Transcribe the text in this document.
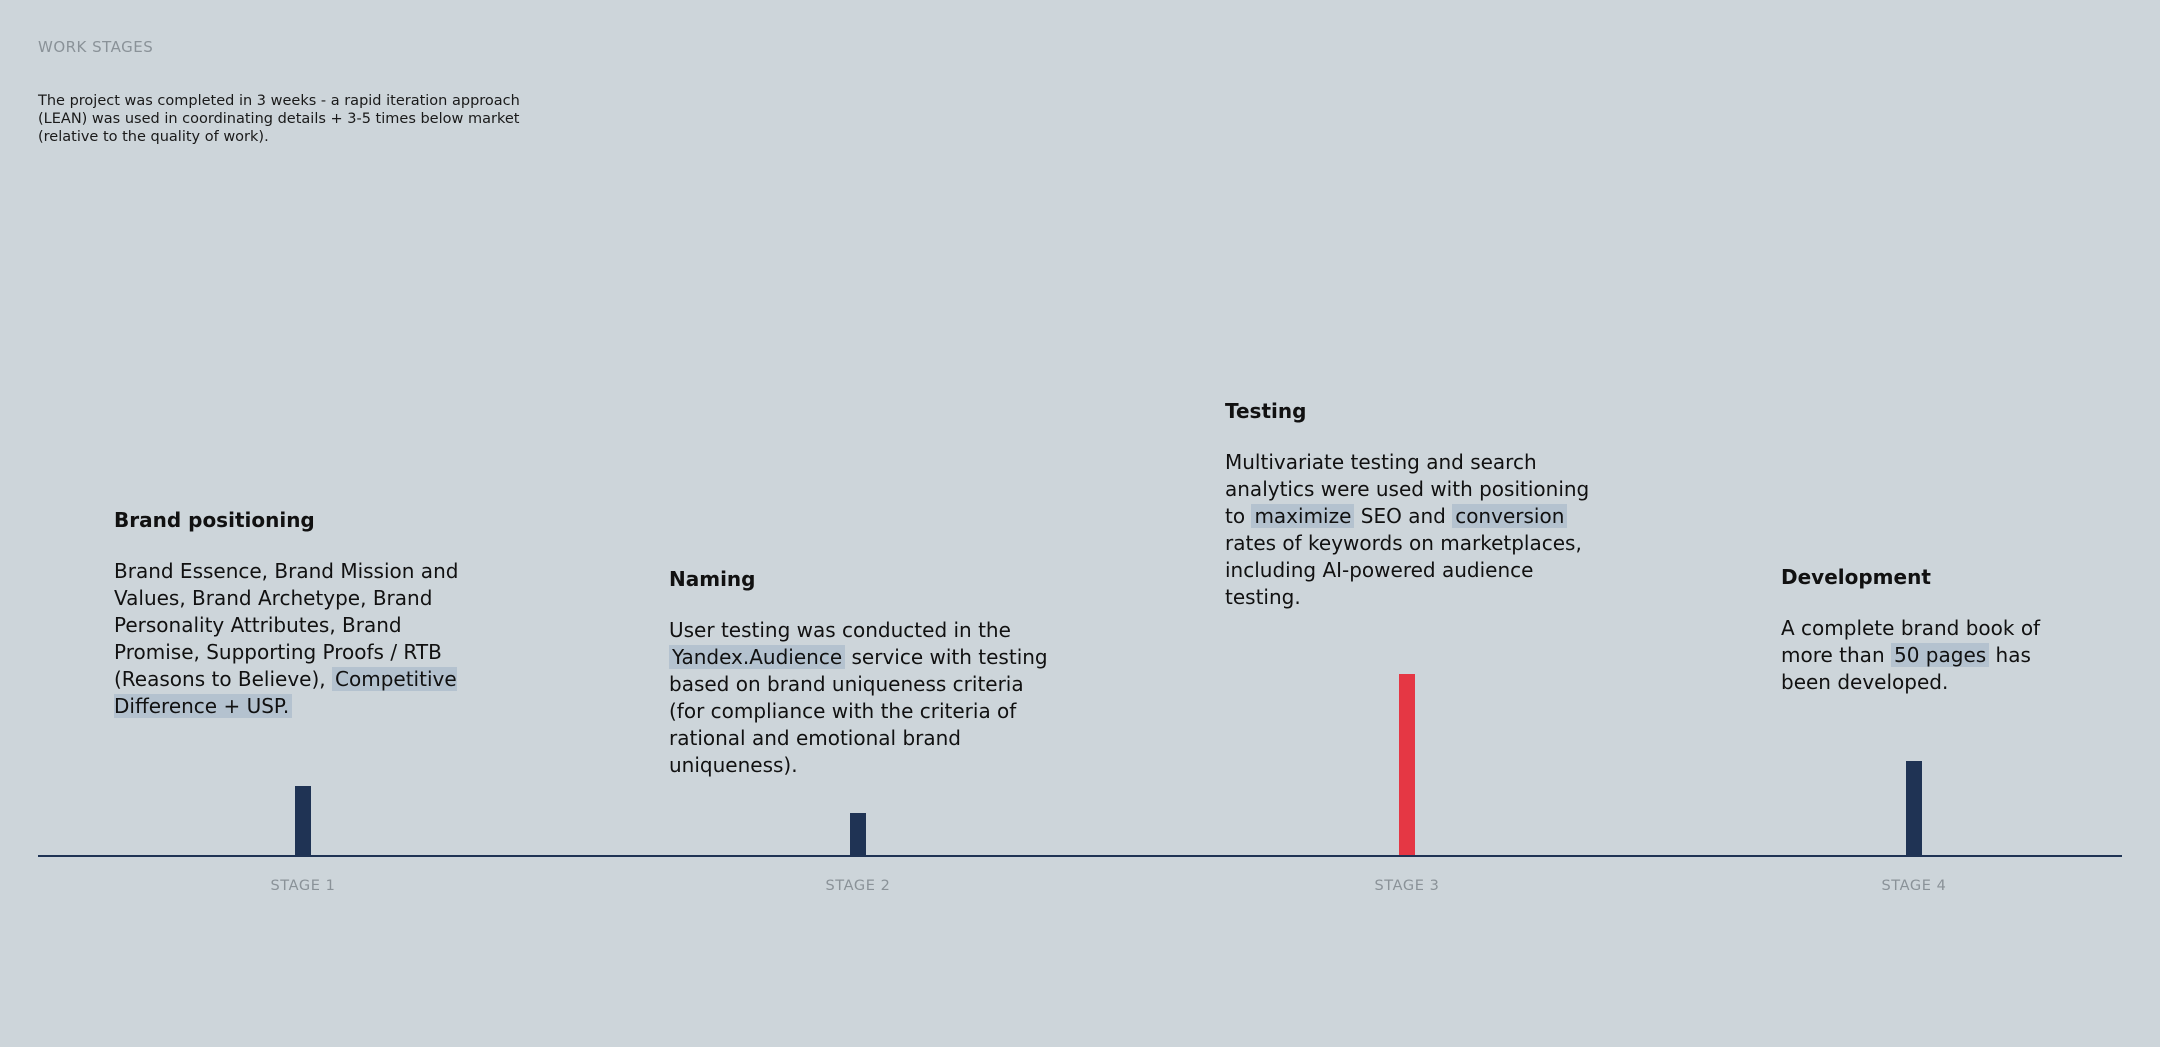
WORK STAGES
The project was completed in 3 weeks - a rapid iteration approach
(LEAN) was used in coordinating details + 3-5 times below market
(relative to the quality of work).
Brand positioning
Brand Essence, Brand Mission and Values, Brand Archetype, Brand Personality Attributes, Brand Promise, Supporting Proofs / RTB (Reasons to Believe), Competitive Difference + USP.
Naming
User testing was conducted in the Yandex.Audience service with testing based on brand uniqueness criteria (for compliance with the criteria of rational and emotional brand uniqueness).
Testing
Multivariate testing and search analytics were used with positioning to maximize SEO and conversion rates of keywords on marketplaces, including AI-powered audience testing.
Development
A complete brand book of more than 50 pages has been developed.
STAGE 1	STAGE 2	STAGE 3	STAGE 4
